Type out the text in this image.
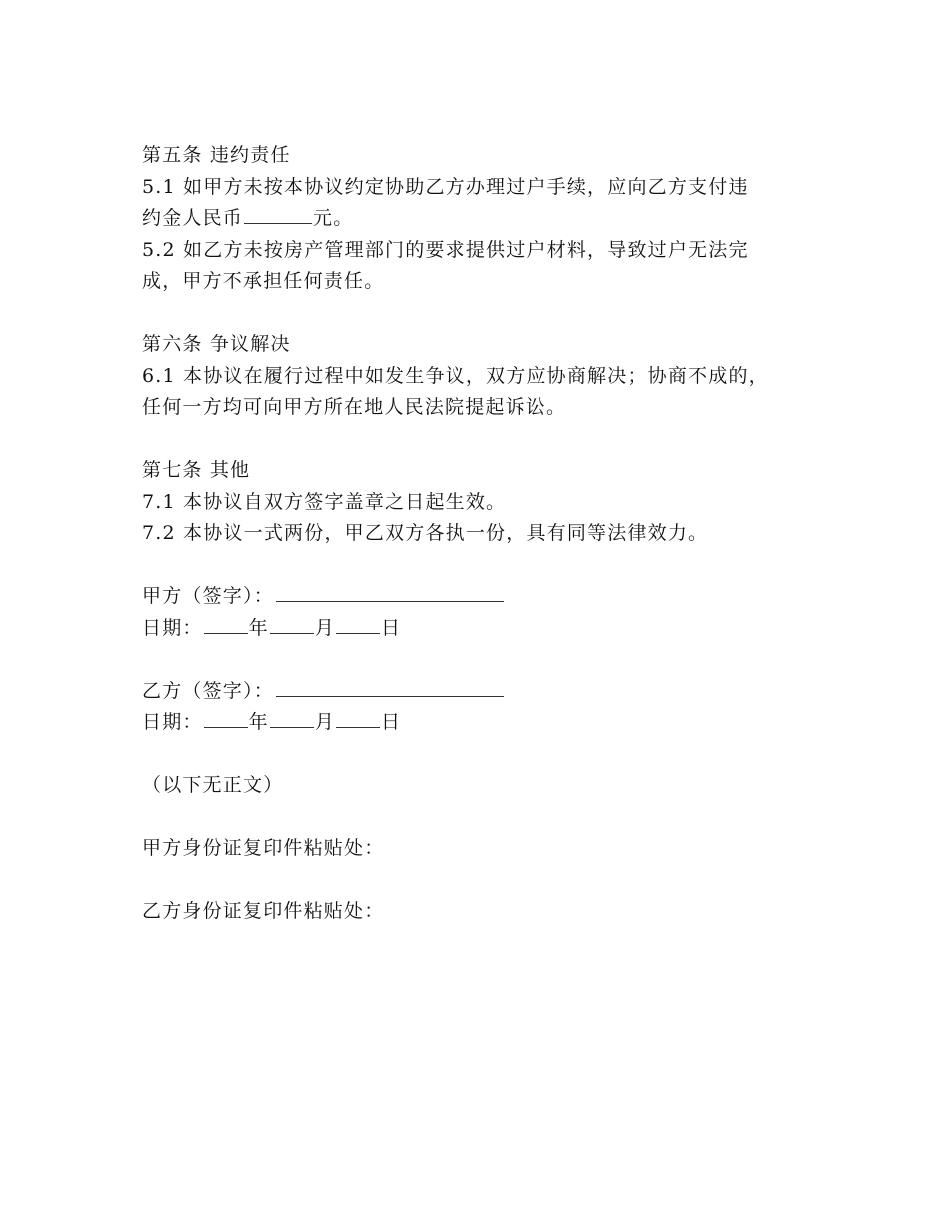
第五条 违约责任
5.1 如甲方未按本协议约定协助乙方办理过户手续，应向乙方支付违
约金人民币	元。
5.2 如乙方未按房产管理部门的要求提供过户材料，导致过户无法完
成，甲方不承担任何责任。
第六条 争议解决
6.1 本协议在履行过程中如发生争议，双方应协商解决；协商不成的，
任何一方均可向甲方所在地人民法院提起诉讼。
第七条 其他
7.1 本协议自双方签字盖章之日起生效。
7.2 本协议一式两份，甲乙双方各执一份，具有同等法律效力。
甲方（签字）：
日期： 年 月 日
乙方（签字）：
日期： 年 月 日
（以下无正文）
甲方身份证复印件粘贴处：
乙方身份证复印件粘贴处：
